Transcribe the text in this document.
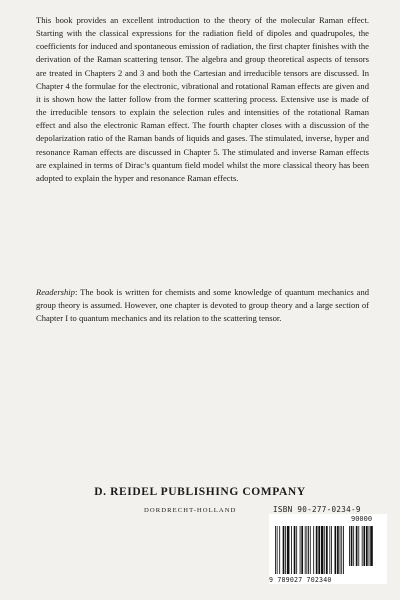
This book provides an excellent introduction to the theory of the molecular Raman effect. Starting with the classical expressions for the radiation field of dipoles and quadrupoles, the coefficients for induced and spontaneous emission of radiation, the first chapter finishes with the derivation of the Raman scattering tensor. The algebra and group theoretical aspects of tensors are treated in Chapters 2 and 3 and both the Cartesian and irreducible tensors are discussed. In Chapter 4 the formulae for the electronic, vibrational and rotational Raman effects are given and it is shown how the latter follow from the former scattering process. Extensive use is made of the irreducible tensors to explain the selection rules and intensities of the rotational Raman effect and also the electronic Raman effect. The fourth chapter closes with a discussion of the depolarization ratio of the Raman bands of liquids and gases. The stimulated, inverse, hyper and resonance Raman effects are discussed in Chapter 5. The stimulated and inverse Raman effects are explained in terms of Dirac’s quantum field model whilst the more classical theory has been adopted to explain the hyper and resonance Raman effects.

Readership: The book is written for chemists and some knowledge of quantum mechanics and group theory is assumed. However, one chapter is devoted to group theory and a large section of Chapter I to quantum mechanics and its relation to the scattering tensor.

D. REIDEL PUBLISHING COMPANY

DORDRECHT-HOLLAND	ISBN 90-277-0234-9

90000

9 789027 702340
